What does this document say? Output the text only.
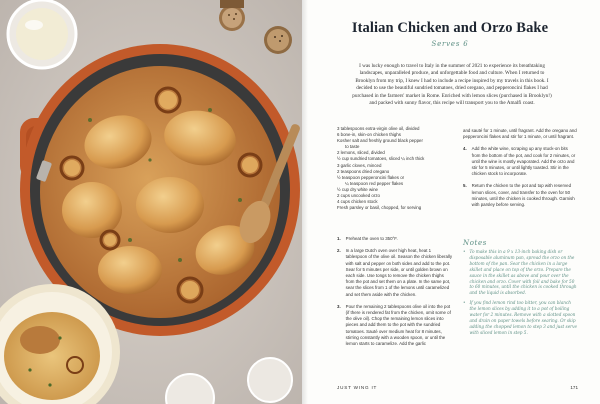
Italian Chicken and Orzo Bake
Serves 6

I was lucky enough to travel to Italy in the summer of 2021 to experience its breathtaking landscapes, unparalleled produce, and unforgettable food and culture. When I returned to Brooklyn from my trip, I knew I had to include a recipe inspired by my travels in this book. I decided to use the beautiful sundried tomatoes, dried oregano, and pepperoncini flakes I had purchased in the farmers' market in Rome. Enriched with lemon slices (purchased in Brooklyn!) and packed with sunny flavor, this recipe will transport you to the Amalfi coast.

3 tablespoons extra-virgin olive oil, divided
6 bone-in, skin-on chicken thighs
Kosher salt and freshly ground black pepper
to taste
2 lemons, sliced, divided
½ cup sundried tomatoes, sliced ¼ inch thick
3 garlic cloves, minced
2 teaspoons dried oregano
½ teaspoon pepperoncini flakes or
¼ teaspoon red pepper flakes
½ cup dry white wine
2 cups uncooked orzo
4 cups chicken stock
Fresh parsley or basil, chopped, for serving
1. Preheat the oven to 350°F.
2. In a large Dutch oven over high heat, heat 1 tablespoon of the olive oil. Season the chicken liberally with salt and pepper on both sides and add to the pot. Sear for 5 minutes per side, or until golden brown on each side. Use tongs to remove the chicken thighs from the pot and set them on a plate. In the same pot, sear the slices from 1 of the lemons until caramelized and set them aside with the chicken.
3. Pour the remaining 2 tablespoons olive oil into the pot (if there is rendered fat from the chicken, omit some of the olive oil). Chop the remaining lemon slices into pieces and add them to the pot with the sundried tomatoes. Sauté over medium heat for 8 minutes, stirring constantly with a wooden spoon, or until the lemon starts to caramelize. Add the garlic

and sauté for 1 minute, until fragrant. Add the oregano and pepperoncini flakes and stir for 1 minute, or until fragrant.

4. Add the white wine, scraping up any stuck-on bits from the bottom of the pot, and cook for 2 minutes, or until the wine is mostly evaporated. Add the orzo and stir for 5 minutes, or until lightly toasted. Stir in the chicken stock to incorporate.
5. Return the chicken to the pot and top with reserved lemon slices, cover, and transfer to the oven for 50 minutes, until the chicken is cooked through. Garnish with parsley before serving.
Notes
• To make this in a 9 x 13-inch baking dish or disposable aluminum pan, spread the orzo on the bottom of the pan. Sear the chicken in a large skillet and place on top of the orzo. Prepare the sauce in the skillet as above and pour over the chicken and orzo. Cover with foil and bake for 50 to 60 minutes, until the chicken is cooked through and the liquid is absorbed.
• If you find lemon rind too bitter, you can blanch the lemon slices by adding it to a pot of boiling water for 2 minutes. Remove with a slotted spoon and drain on paper towels before searing. Or skip adding the chopped lemon to step 3 and just serve with sliced lemon in step 5.
JUST WING IT	171
